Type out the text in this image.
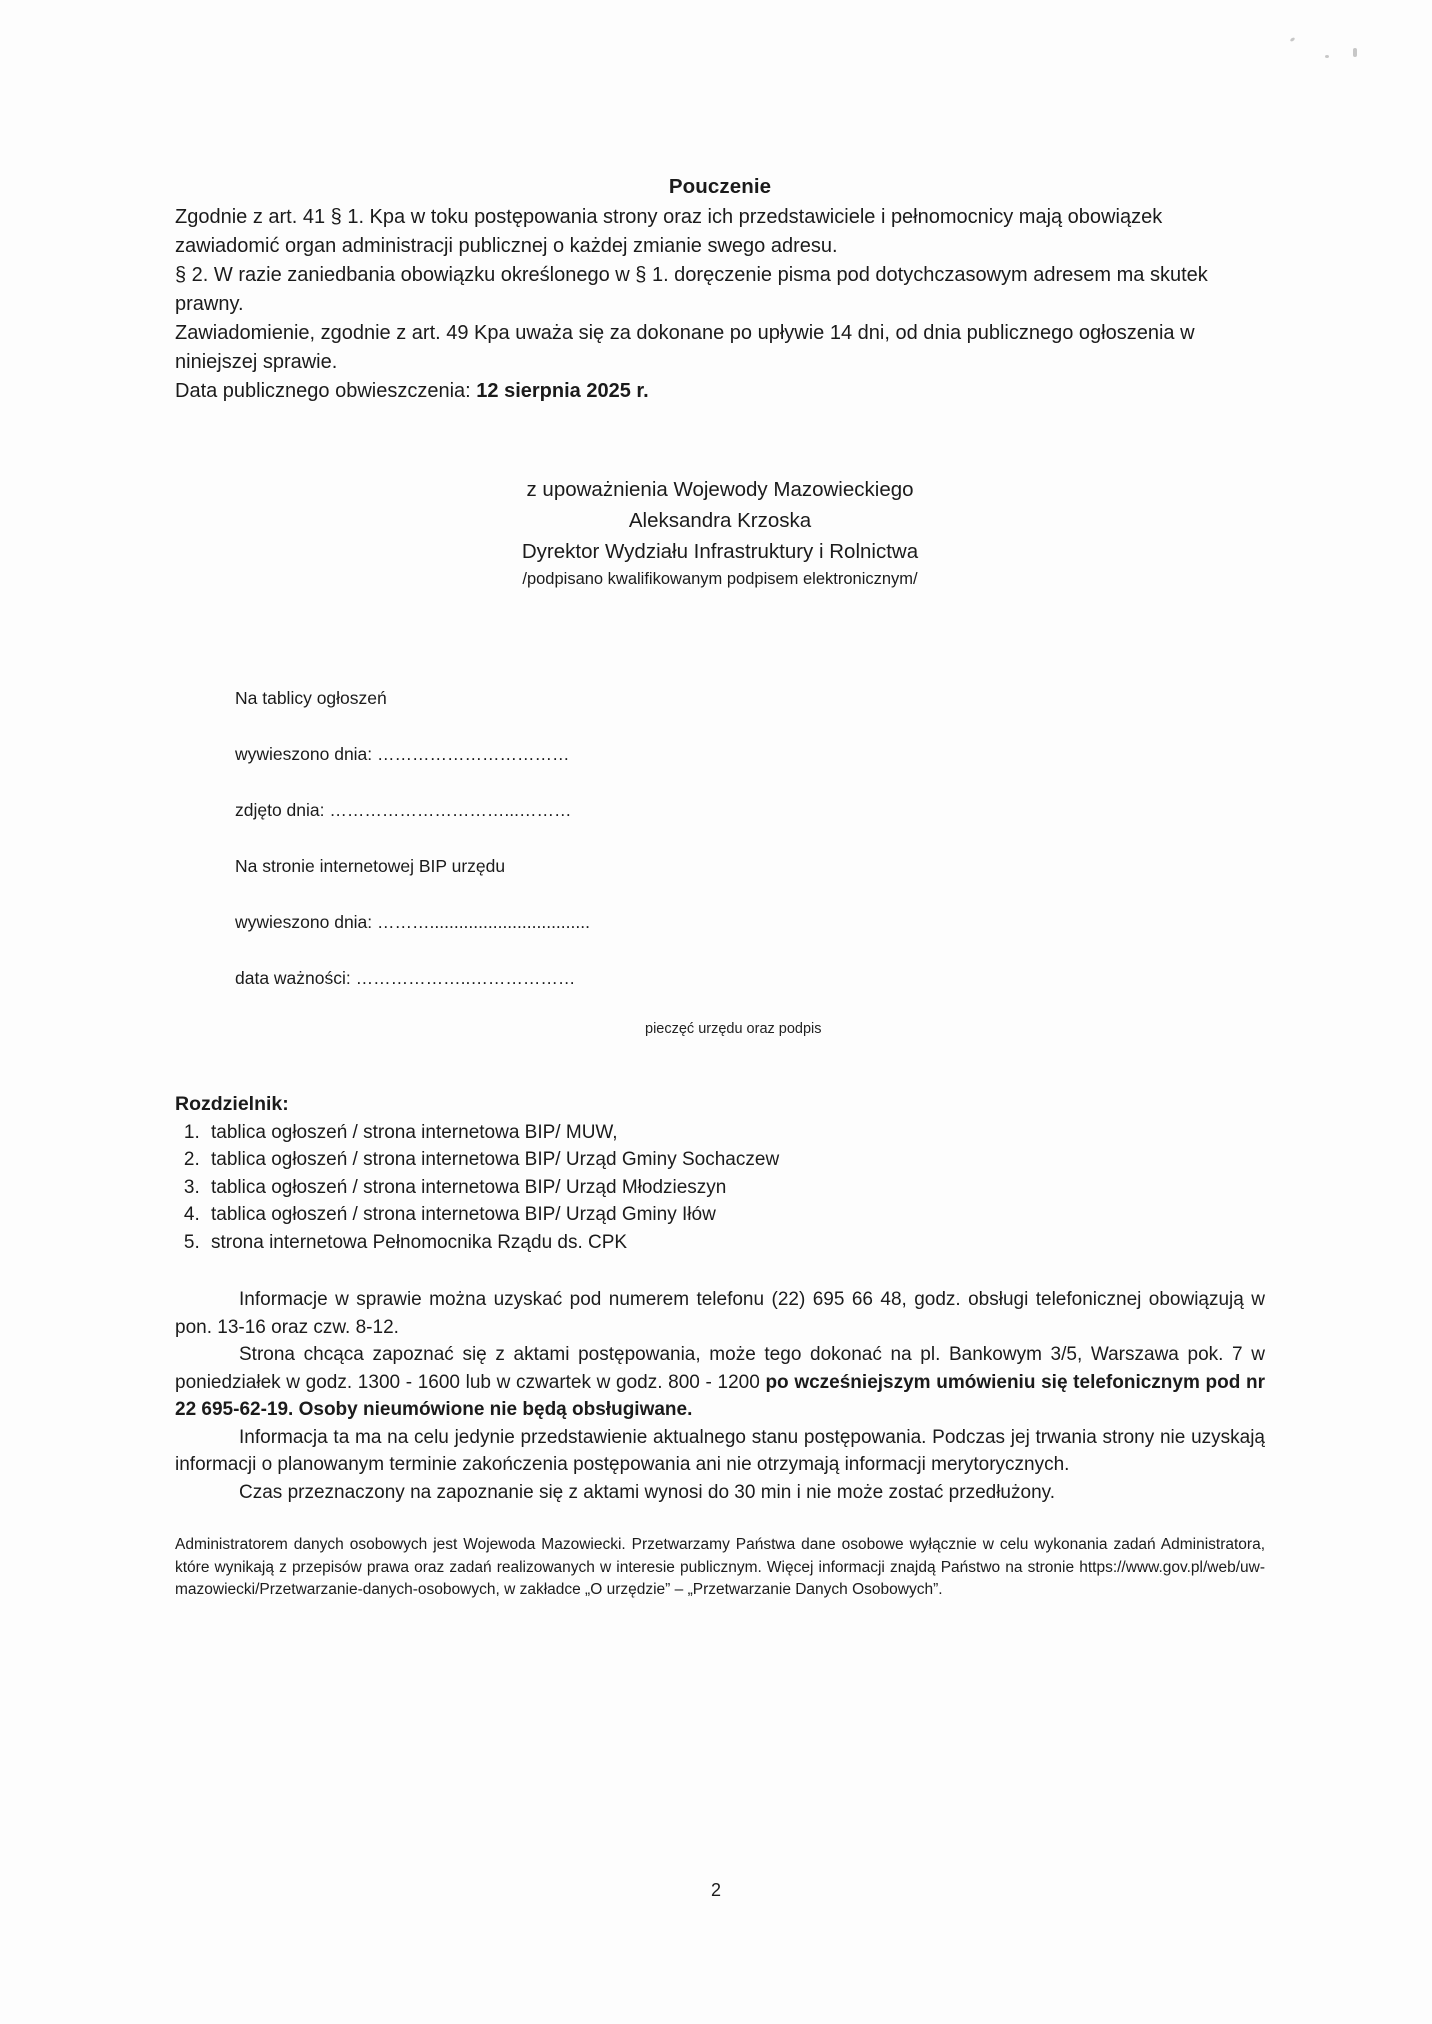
Pouczenie

Zgodnie z art. 41 § 1. Kpa w toku postępowania strony oraz ich przedstawiciele i pełnomocnicy mają obowiązek zawiadomić organ administracji publicznej o każdej zmianie swego adresu.

§ 2. W razie zaniedbania obowiązku określonego w § 1. doręczenie pisma pod dotychczasowym adresem ma skutek prawny.

Zawiadomienie, zgodnie z art. 49 Kpa uważa się za dokonane po upływie 14 dni, od dnia publicznego ogłoszenia w niniejszej sprawie.

Data publicznego obwieszczenia: 12 sierpnia 2025 r.

z upoważnienia Wojewody Mazowieckiego
Aleksandra Krzoska
Dyrektor Wydziału Infrastruktury i Rolnictwa
/podpisano kwalifikowanym podpisem elektronicznym/
Na tablicy ogłoszeń
wywieszono dnia: ……………………………
zdjęto dnia: …………………………...………
Na stronie internetowej BIP urzędu
wywieszono dnia: ……….................................
data ważności: ………………..………………
pieczęć urzędu oraz podpis
Rozdzielnik:
1. tablica ogłoszeń / strona internetowa BIP/ MUW,
2. tablica ogłoszeń / strona internetowa BIP/ Urząd Gminy Sochaczew
3. tablica ogłoszeń / strona internetowa BIP/ Urząd Młodzieszyn
4. tablica ogłoszeń / strona internetowa BIP/ Urząd Gminy Iłów
5. strona internetowa Pełnomocnika Rządu ds. CPK

Informacje w sprawie można uzyskać pod numerem telefonu (22) 695 66 48, godz. obsługi telefonicznej obowiązują w pon. 13-16 oraz czw. 8-12.

Strona chcąca zapoznać się z aktami postępowania, może tego dokonać na pl. Bankowym 3/5, Warszawa pok. 7 w poniedziałek w godz. 1300 - 1600 lub w czwartek w godz. 800 - 1200 po wcześniejszym umówieniu się telefonicznym pod nr 22 695-62-19. Osoby nieumówione nie będą obsługiwane.

Informacja ta ma na celu jedynie przedstawienie aktualnego stanu postępowania. Podczas jej trwania strony nie uzyskają informacji o planowanym terminie zakończenia postępowania ani nie otrzymają informacji merytorycznych.

Czas przeznaczony na zapoznanie się z aktami wynosi do 30 min i nie może zostać przedłużony.

Administratorem danych osobowych jest Wojewoda Mazowiecki. Przetwarzamy Państwa dane osobowe wyłącznie w celu wykonania zadań Administratora, które wynikają z przepisów prawa oraz zadań realizowanych w interesie publicznym. Więcej informacji znajdą Państwo na stronie https://www.gov.pl/web/uw-mazowiecki/Przetwarzanie-danych-osobowych, w zakładce „O urzędzie” – „Przetwarzanie Danych Osobowych”.

2
